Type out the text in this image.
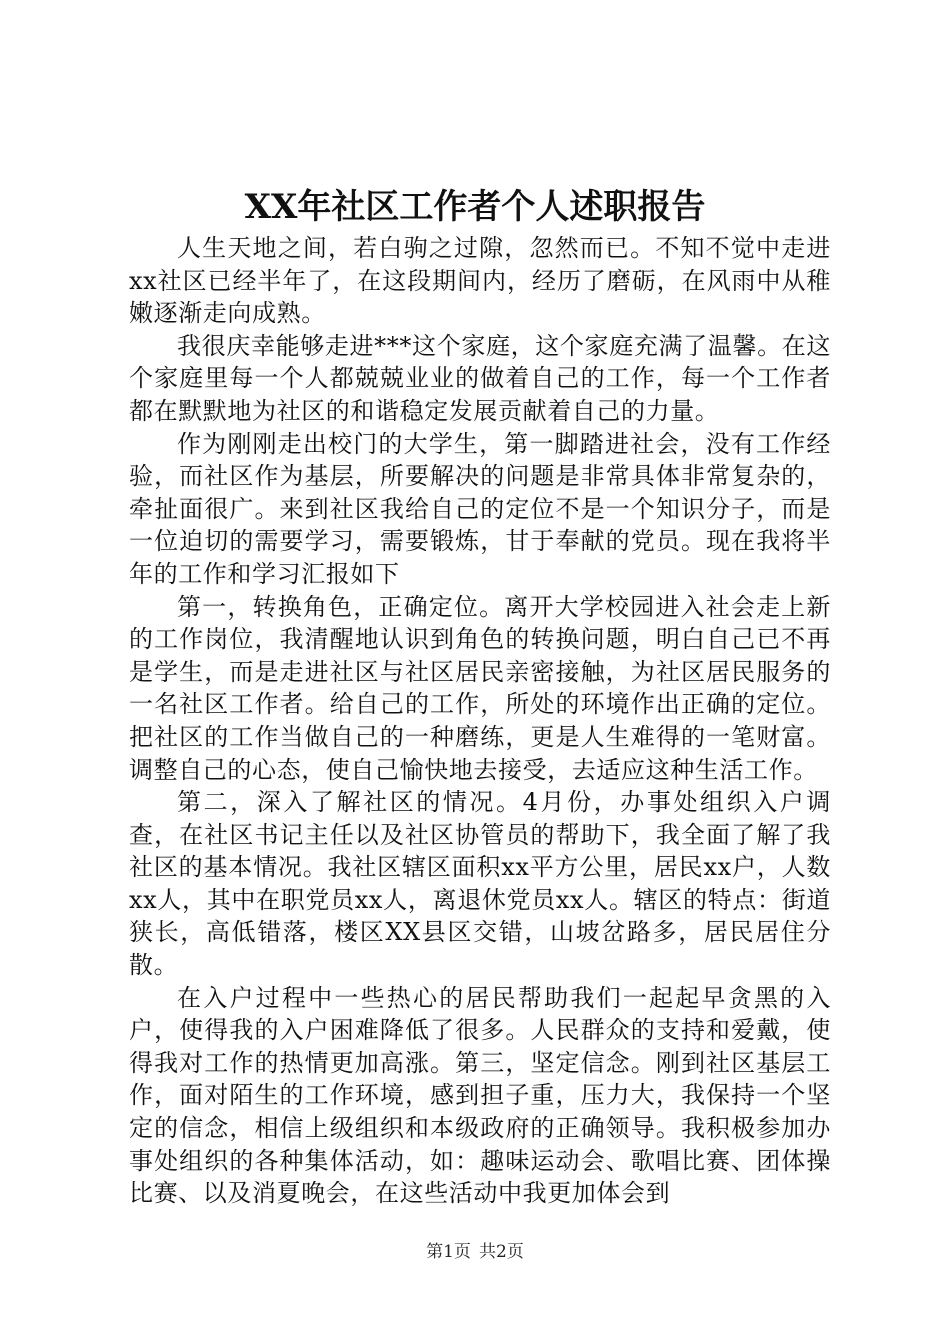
XX年社区工作者个人述职报告

人生天地之间，若白驹之过隙，忽然而已。不知不觉中走进xx社区已经半年了，在这段期间内，经历了磨砺，在风雨中从稚嫩逐渐走向成熟。

我很庆幸能够走进***这个家庭，这个家庭充满了温馨。在这个家庭里每一个人都兢兢业业的做着自己的工作，每一个工作者都在默默地为社区的和谐稳定发展贡献着自己的力量。

作为刚刚走出校门的大学生，第一脚踏进社会，没有工作经验，而社区作为基层，所要解决的问题是非常具体非常复杂的，牵扯面很广。来到社区我给自己的定位不是一个知识分子，而是一位迫切的需要学习，需要锻炼，甘于奉献的党员。现在我将半年的工作和学习汇报如下

第一，转换角色，正确定位。离开大学校园进入社会走上新的工作岗位，我清醒地认识到角色的转换问题，明白自己已不再是学生，而是走进社区与社区居民亲密接触，为社区居民服务的一名社区工作者。给自己的工作，所处的环境作出正确的定位。把社区的工作当做自己的一种磨练，更是人生难得的一笔财富。调整自己的心态，使自己愉快地去接受，去适应这种生活工作。

第二，深入了解社区的情况。4月份，办事处组织入户调查，在社区书记主任以及社区协管员的帮助下，我全面了解了我社区的基本情况。我社区辖区面积xx平方公里，居民xx户，人数xx人，其中在职党员xx人，离退休党员xx人。辖区的特点：街道狭长，高低错落，楼区XX县区交错，山坡岔路多，居民居住分散。

在入户过程中一些热心的居民帮助我们一起起早贪黑的入户，使得我的入户困难降低了很多。人民群众的支持和爱戴，使得我对工作的热情更加高涨。第三，坚定信念。刚到社区基层工作，面对陌生的工作环境，感到担子重，压力大，我保持一个坚定的信念，相信上级组织和本级政府的正确领导。我积极参加办事处组织的各种集体活动，如：趣味运动会、歌唱比赛、团体操比赛、以及消夏晚会，在这些活动中我更加体会到

第1页 共2页
